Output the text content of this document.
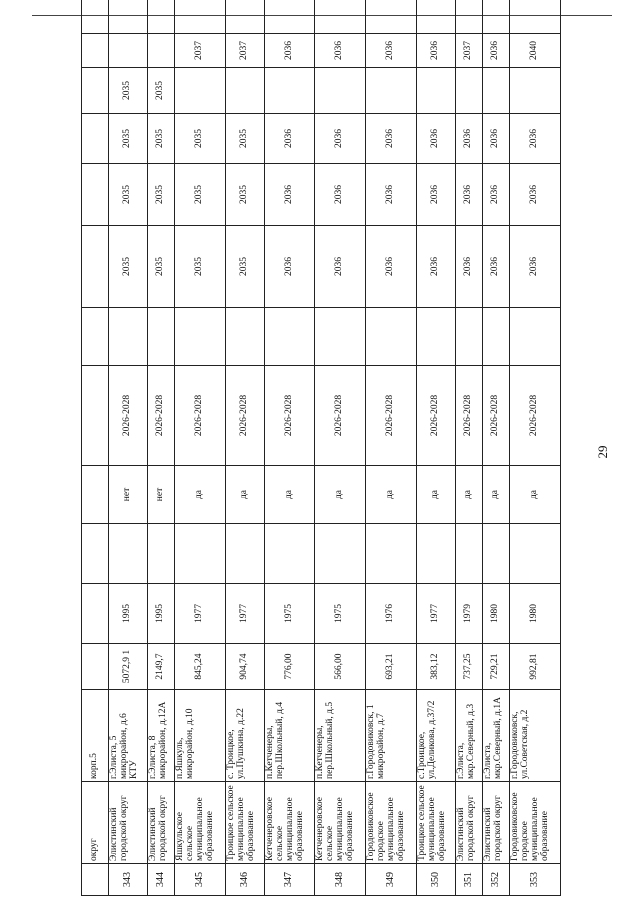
	округ	корп.5												
343	Элистинский городской округ	г.Элиста, 5 микрорайон, д.6 КТУ	5072,9 1	1995		нет	2026-2028		2035	2035	2035	2035		
344	Элистинский городской округ	г.Элиста, 8 микрорайон, д.12А	2149,7	1995		нет	2026-2028		2035	2035	2035	2035		
345	Яшкульское сельское муниципальное образование	п.Яшкуль, микрорайон, д.10	845,24	1977		да	2026-2028		2035	2035	2035		2037	
346	Троицкое сельское муниципальное образование	с. Троицкое, ул.Пушкина, д.22	904,74	1977		да	2026-2028		2035	2035	2035		2037	
347	Кетченеровское сельское муниципальное образование	п.Кетченеры, пер.Школьный, д.4	776,00	1975		да	2026-2028		2036	2036	2036		2036	
348	Кетченеровское сельское муниципальное образование	п.Кетченеры, пер.Школьный, д.5	566,00	1975		да	2026-2028		2036	2036	2036		2036	
349	Городовиковское городское муниципальное образование	г.Городовиковск, 1 микрорайон, д.7	693,21	1976		да	2026-2028		2036	2036	2036		2036	
350	Троицкое сельское муниципальное образование	с.Троицкое, ул.Деликова, д.37/2	383,12	1977		да	2026-2028		2036	2036	2036		2036	
351	Элистинский городской округ	г.Элиста, мкр.Северный, д.3	737,25	1979		да	2026-2028		2036	2036	2036		2037	
352	Элистинский городской округ	г.Элиста, мкр.Северный, д.1А	729,21	1980		да	2026-2028		2036	2036	2036		2036	
353	Городовиковское городское муниципальное образование	г.Городовиковск, ул.Советская, д.2	992,81	1980		да	2026-2028		2036	2036	2036		2040	
29
